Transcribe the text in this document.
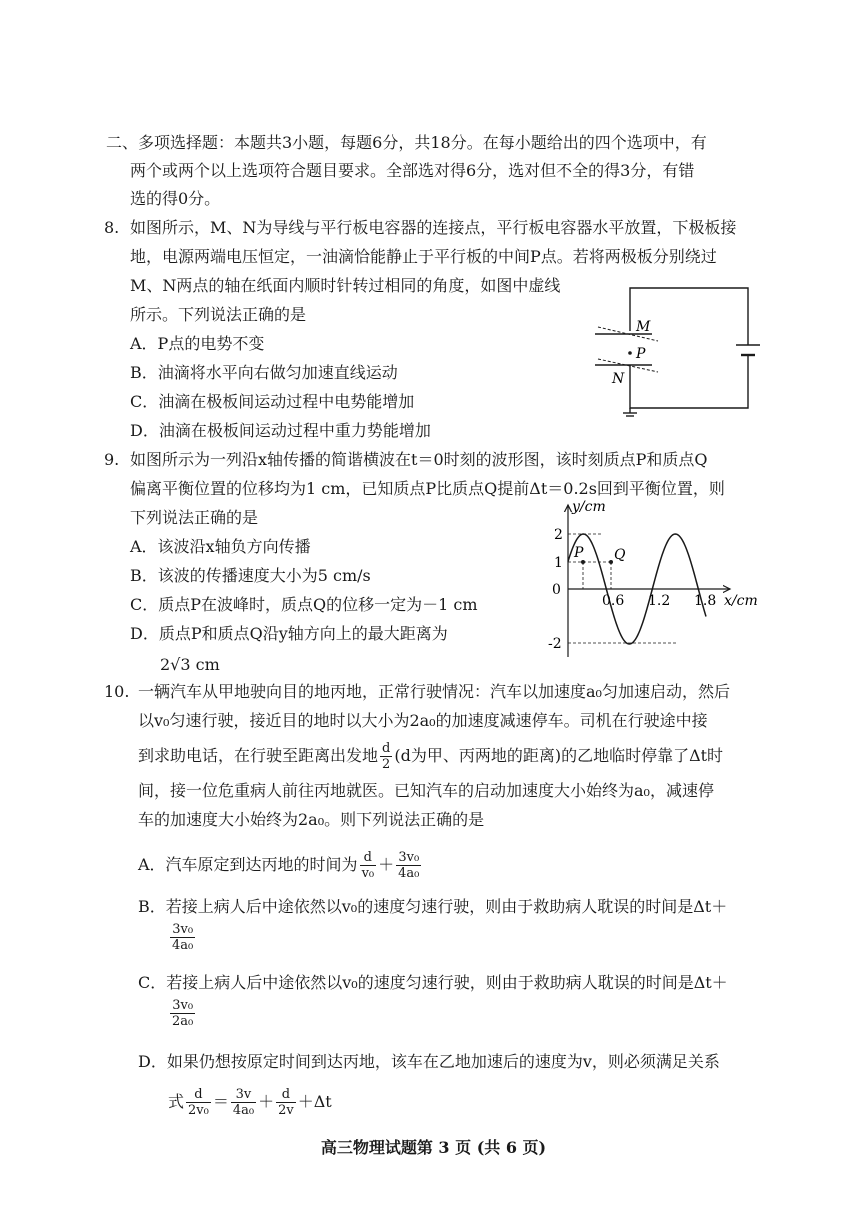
二、多项选择题：本题共3小题，每题6分，共18分。在每小题给出的四个选项中，有
两个或两个以上选项符合题目要求。全部选对得6分，选对但不全的得3分，有错
选的得0分。
8. 如图所示，M、N为导线与平行板电容器的连接点，平行板电容器水平放置，下极板接
地，电源两端电压恒定，一油滴恰能静止于平行板的中间P点。若将两极板分别绕过
M、N两点的轴在纸面内顺时针转过相同的角度，如图中虚线
所示。下列说法正确的是
A．P点的电势不变
B．油滴将水平向右做匀加速直线运动
C．油滴在极板间运动过程中电势能增加
D．油滴在极板间运动过程中重力势能增加
M
P
N
9. 如图所示为一列沿x轴传播的简谐横波在t＝0时刻的波形图，该时刻质点P和质点Q
偏离平衡位置的位移均为1 cm，已知质点P比质点Q提前Δt＝0.2s回到平衡位置，则
下列说法正确的是
A．该波沿x轴负方向传播
B．该波的传播速度大小为5 cm/s
C．质点P在波峰时，质点Q的位移一定为－1 cm
D．质点P和质点Q沿y轴方向上的最大距离为
2√3 cm
y/cm
x/cm
0
2
1
-2
0.6 1.2 1.8
P Q
10. 一辆汽车从甲地驶向目的地丙地，正常行驶情况：汽车以加速度a₀匀加速启动，然后
以v₀匀速行驶，接近目的地时以大小为2a₀的加速度减速停车。司机在行驶途中接
到求助电话，在行驶至距离出发地 $\frac{d}{2} (d$为甲、丙两地的距离)的乙地临时停靠了Δt时
间，接一位危重病人前往丙地就医。已知汽车的启动加速度大小始终为a₀，减速停
车的加速度大小始终为2a₀。则下列说法正确的是
A．汽车原定到达丙地的时间为 $\frac{d}{\text{v₀}} + \frac{\text{3v₀}}{\text{4a₀}}$
B．若接上病人后中途依然以v₀的速度匀速行驶，则由于救助病人耽误的时间是Δt＋
$\frac{\text{3v₀}}{\text{4a₀}}$
C．若接上病人后中途依然以v₀的速度匀速行驶，则由于救助病人耽误的时间是Δt＋
$\frac{\text{3v₀}}{\text{2a₀}}$
D．如果仍想按原定时间到达丙地，该车在乙地加速后的速度为v，则必须满足关系
式 $\frac{d}{\text{2v₀}} = \frac{3v}{\text{4a₀}} + \frac{d}{2v} +\Delta t$
高三物理试题第 3 页 (共 6 页)
